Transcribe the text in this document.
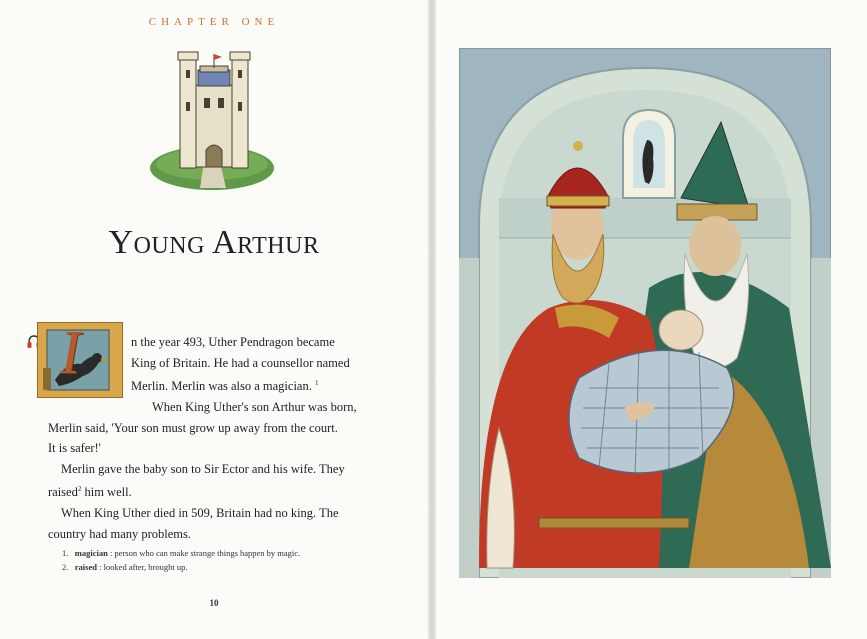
CHAPTER ONE
Young Arthur
I	n the year 493, Uther Pendragon became
King of Britain. He had a counsellor named
Merlin. Merlin was also a magician. $^1$
When King Uther's son Arthur was born,
Merlin said, 'Your son must grow up away from the court.
It is safer!'
Merlin gave the baby son to Sir Ector and his wife. They
raised$^2$ him well.
When King Uther died in 509, Britain had no king. The
country had many problems.
1. magician : person who can make strange things happen by magic.
2. raised : looked after, brought up.
10
